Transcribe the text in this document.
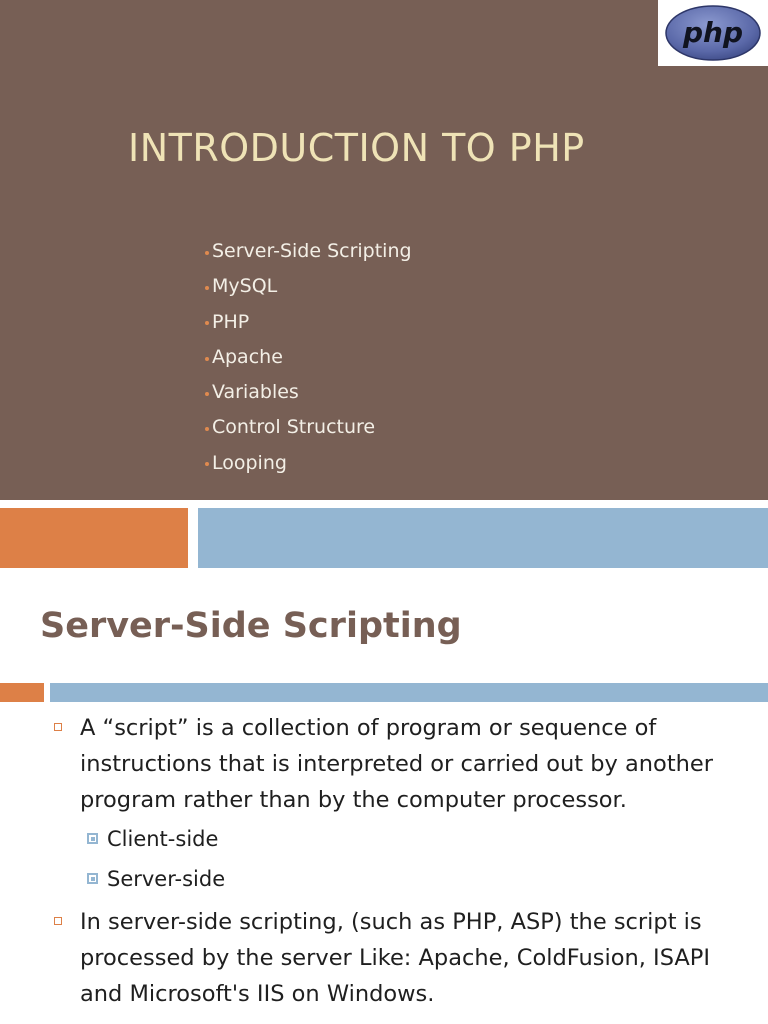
php
INTRODUCTION TO PHP
Server-Side Scripting
MySQL
PHP
Apache
Variables
Control Structure
Looping
Server-Side Scripting
A “script” is a collection of program or sequence of instructions that is interpreted or carried out by another program rather than by the computer processor.
Client-side
Server-side
In server-side scripting, (such as PHP, ASP) the script is processed by the server Like: Apache, ColdFusion, ISAPI and Microsoft's IIS on Windows.
